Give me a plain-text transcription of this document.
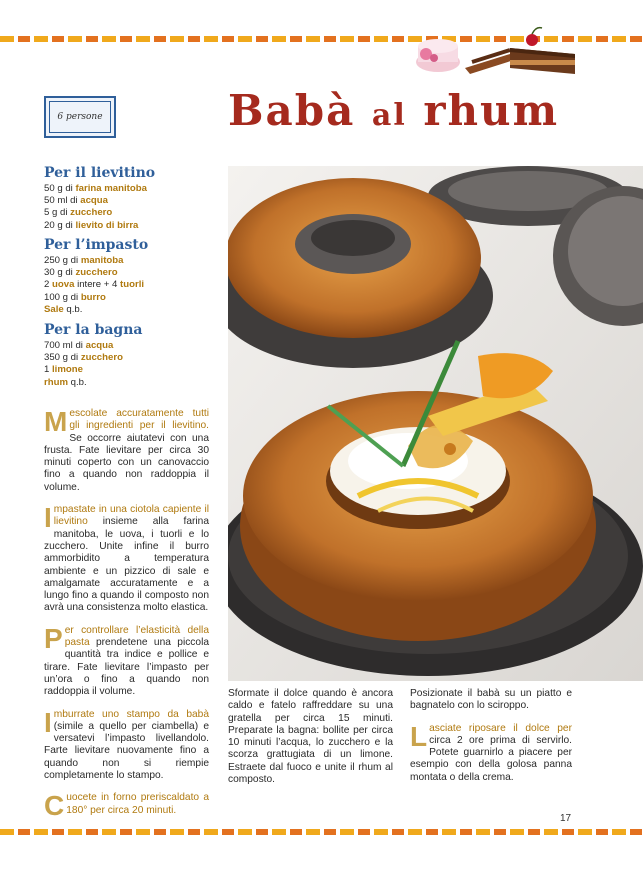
6 persone	Babà al rhum
Per il lievitino
50 g di farina manitoba
50 ml di acqua
5 g di zucchero
20 g di lievito di birra
Per l’impasto
250 g di manitoba
30 g di zucchero
2 uova intere + 4 tuorli
100 g di burro
Sale q.b.
Per la bagna
700 ml di acqua
350 g di zucchero
1 limone
rhum q.b.

Mescolate accuratamente tutti gli ingredienti per il lievitino. Se occorre aiutatevi con una frusta. Fate lievitare per circa 30 minuti coperto con un canovaccio fino a quando non raddoppia il volume.

Impastate in una ciotola capiente il lievitino insieme alla farina manitoba, le uova, i tuorli e lo zucchero. Unite infine il burro ammorbidito a temperatura ambiente e un pizzico di sale e amalgamate accuratamente e a lungo fino a quando il composto non avrà una consistenza molto elastica.

Per controllare l’elasticità della pasta prendetene una piccola quantità tra indice e pollice e tirare. Fate lievitare l’impasto per un’ora o fino a quando non raddoppia il volume.

Imburrate uno stampo da babà (simile a quello per ciambella) e versatevi l’impasto livellandolo. Farte lievitare nuovamente fino a quando non si riempie completamente lo stampo.

Cuocete in forno preriscaldato a 180° per circa 20 minuti.

Sformate il dolce quando è ancora caldo e fatelo raffreddare su una gratella per circa 15 minuti. Preparate la bagna: bollite per circa 10 minuti l’acqua, lo zucchero e la scorza grattugiata di un limone. Estraete dal fuoco e unite il rhum al composto.

Posizionate il babà su un piatto e bagnatelo con lo sciroppo.

Lasciate riposare il dolce per circa 2 ore prima di servirlo. Potete guarnirlo a piacere per esempio con della golosa panna montata o della crema.

17
